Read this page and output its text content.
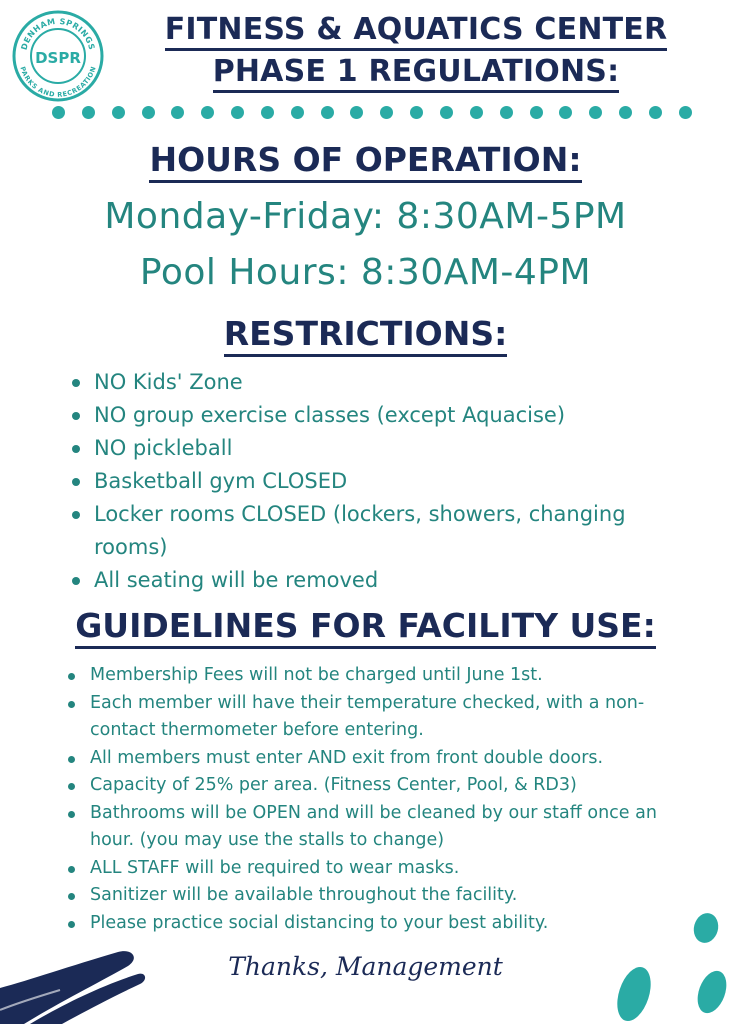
DENHAM SPRINGS
PARKS AND RECREATION
DSPR
FITNESS & AQUATICS CENTER
PHASE 1 REGULATIONS:
HOURS OF OPERATION:
Monday-Friday: 8:30AM-5PM
Pool Hours: 8:30AM-4PM
RESTRICTIONS:
NO Kids' Zone
NO group exercise classes (except Aquacise)
NO pickleball
Basketball gym CLOSED
Locker rooms CLOSED (lockers, showers, changing rooms)
All seating will be removed
GUIDELINES FOR FACILITY USE:
Membership Fees will not be charged until June 1st.
Each member will have their temperature checked, with a non-contact thermometer before entering.
All members must enter AND exit from front double doors.
Capacity of 25% per area. (Fitness Center, Pool, & RD3)
Bathrooms will be OPEN and will be cleaned by our staff once an hour. (you may use the stalls to change)
ALL STAFF will be required to wear masks.
Sanitizer will be available throughout the facility.
Please practice social distancing to your best ability.
Thanks, Management
